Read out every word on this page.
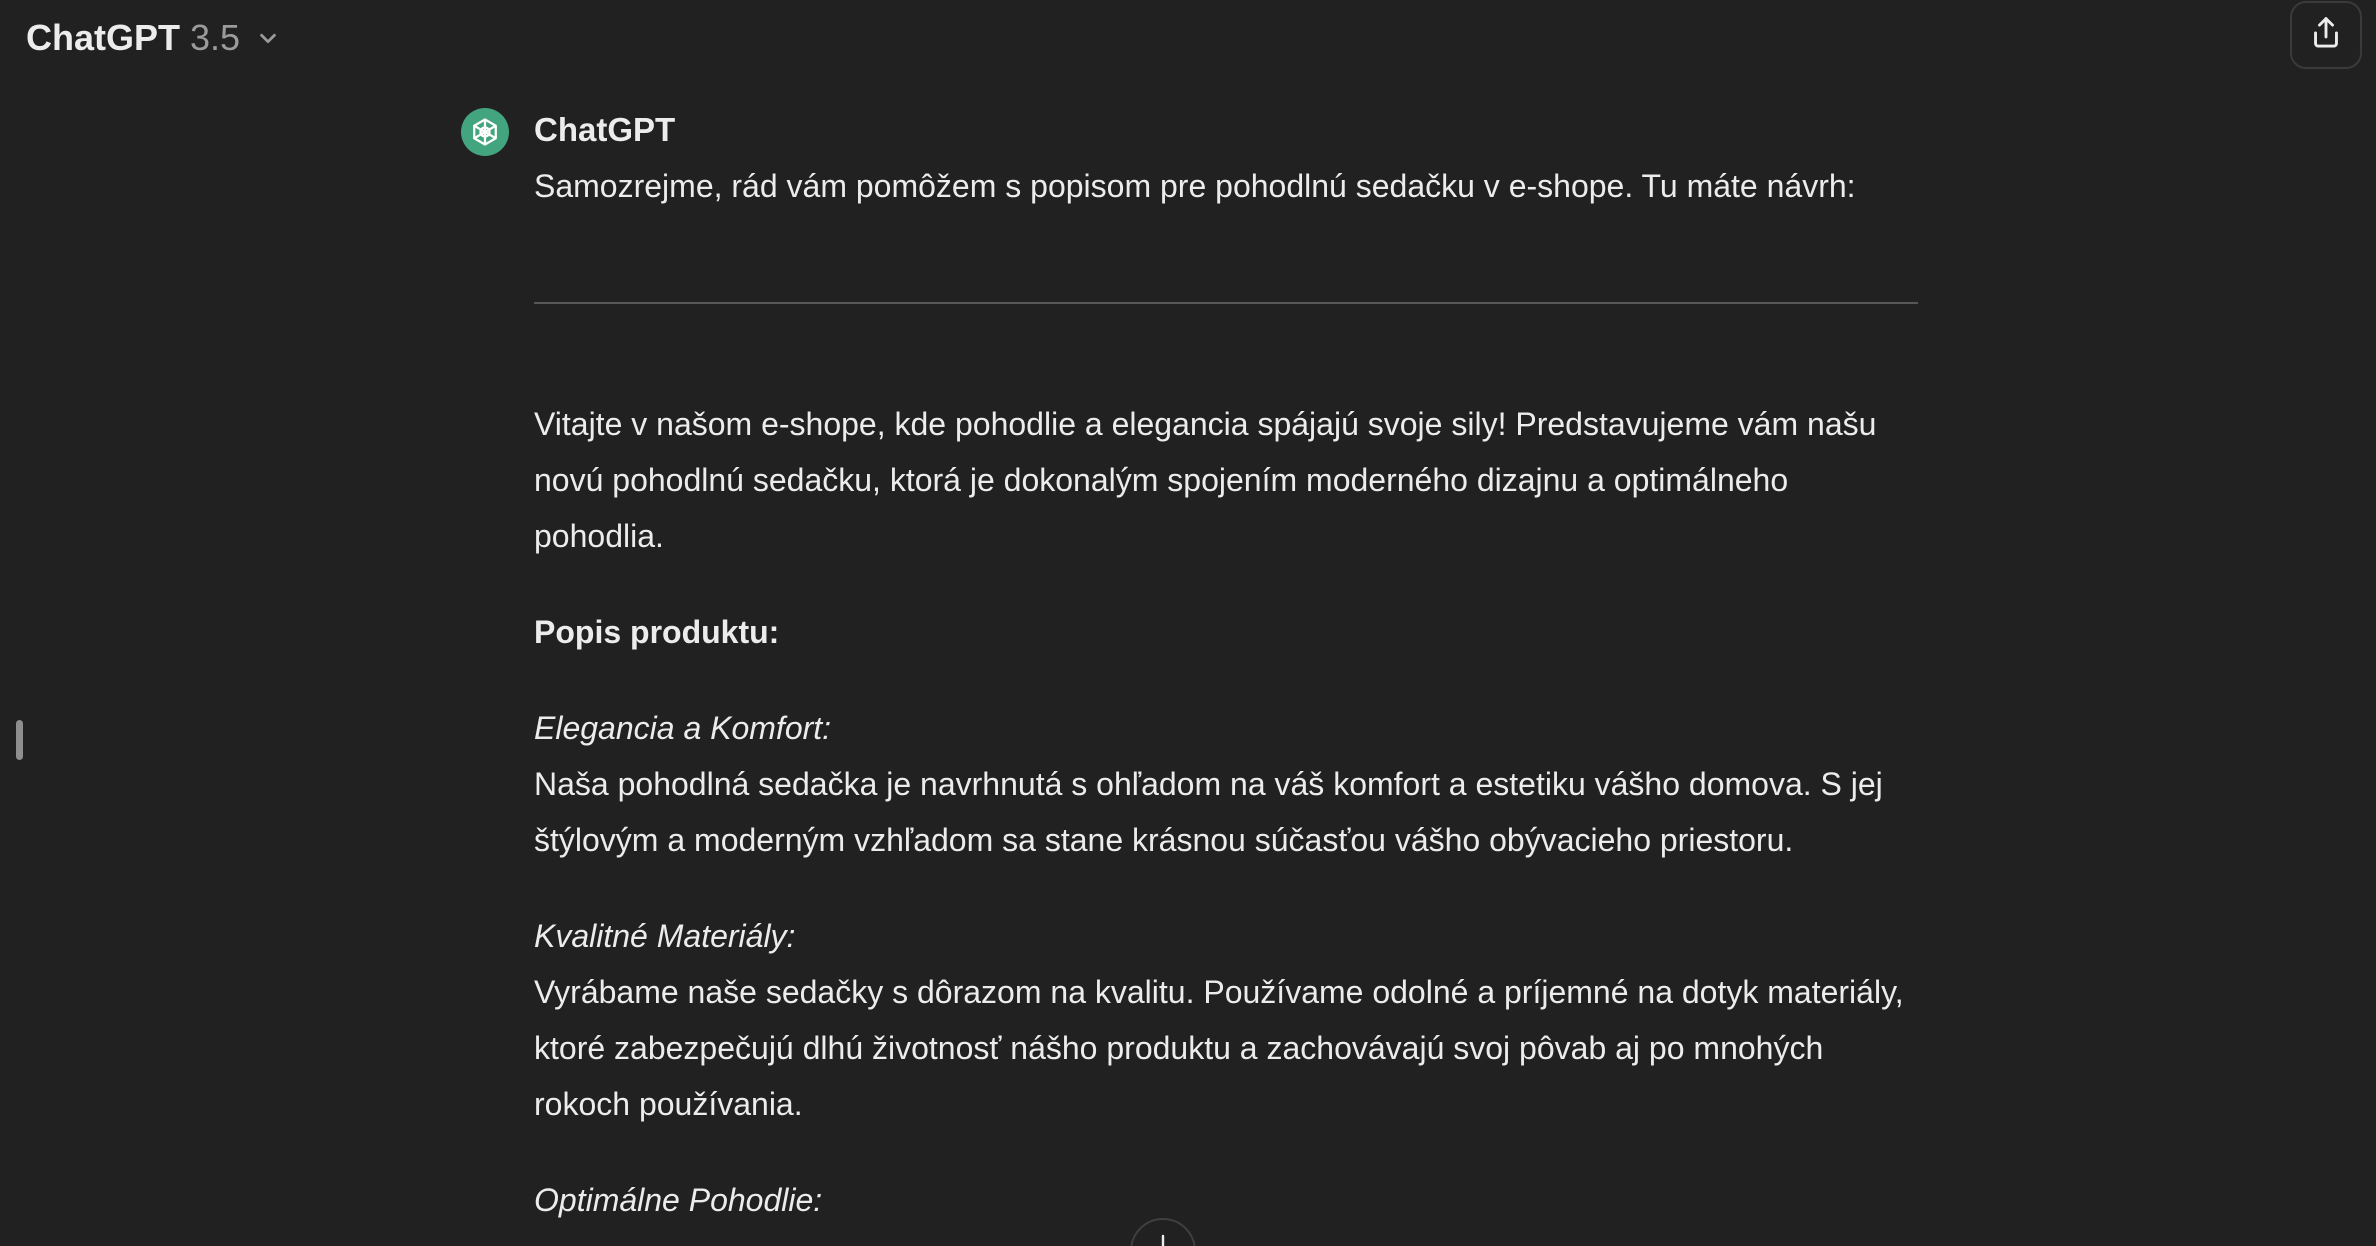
ChatGPT 3.5
ChatGPT

Samozrejme, rád vám pomôžem s popisom pre pohodlnú sedačku v e-shope. Tu máte návrh:

Vitajte v našom e-shope, kde pohodlie a elegancia spájajú svoje sily! Predstavujeme vám našu novú pohodlnú sedačku, ktorá je dokonalým spojením moderného dizajnu a optimálneho pohodlia.

Popis produktu:

Elegancia a Komfort:

Naša pohodlná sedačka je navrhnutá s ohľadom na váš komfort a estetiku vášho domova. S jej štýlovým a moderným vzhľadom sa stane krásnou súčasťou vášho obývacieho priestoru.

Kvalitné Materiály:

Vyrábame naše sedačky s dôrazom na kvalitu. Používame odolné a príjemné na dotyk materiály, ktoré zabezpečujú dlhú životnosť nášho produktu a zachovávajú svoj pôvab aj po mnohých rokoch používania.

Optimálne Pohodlie:
